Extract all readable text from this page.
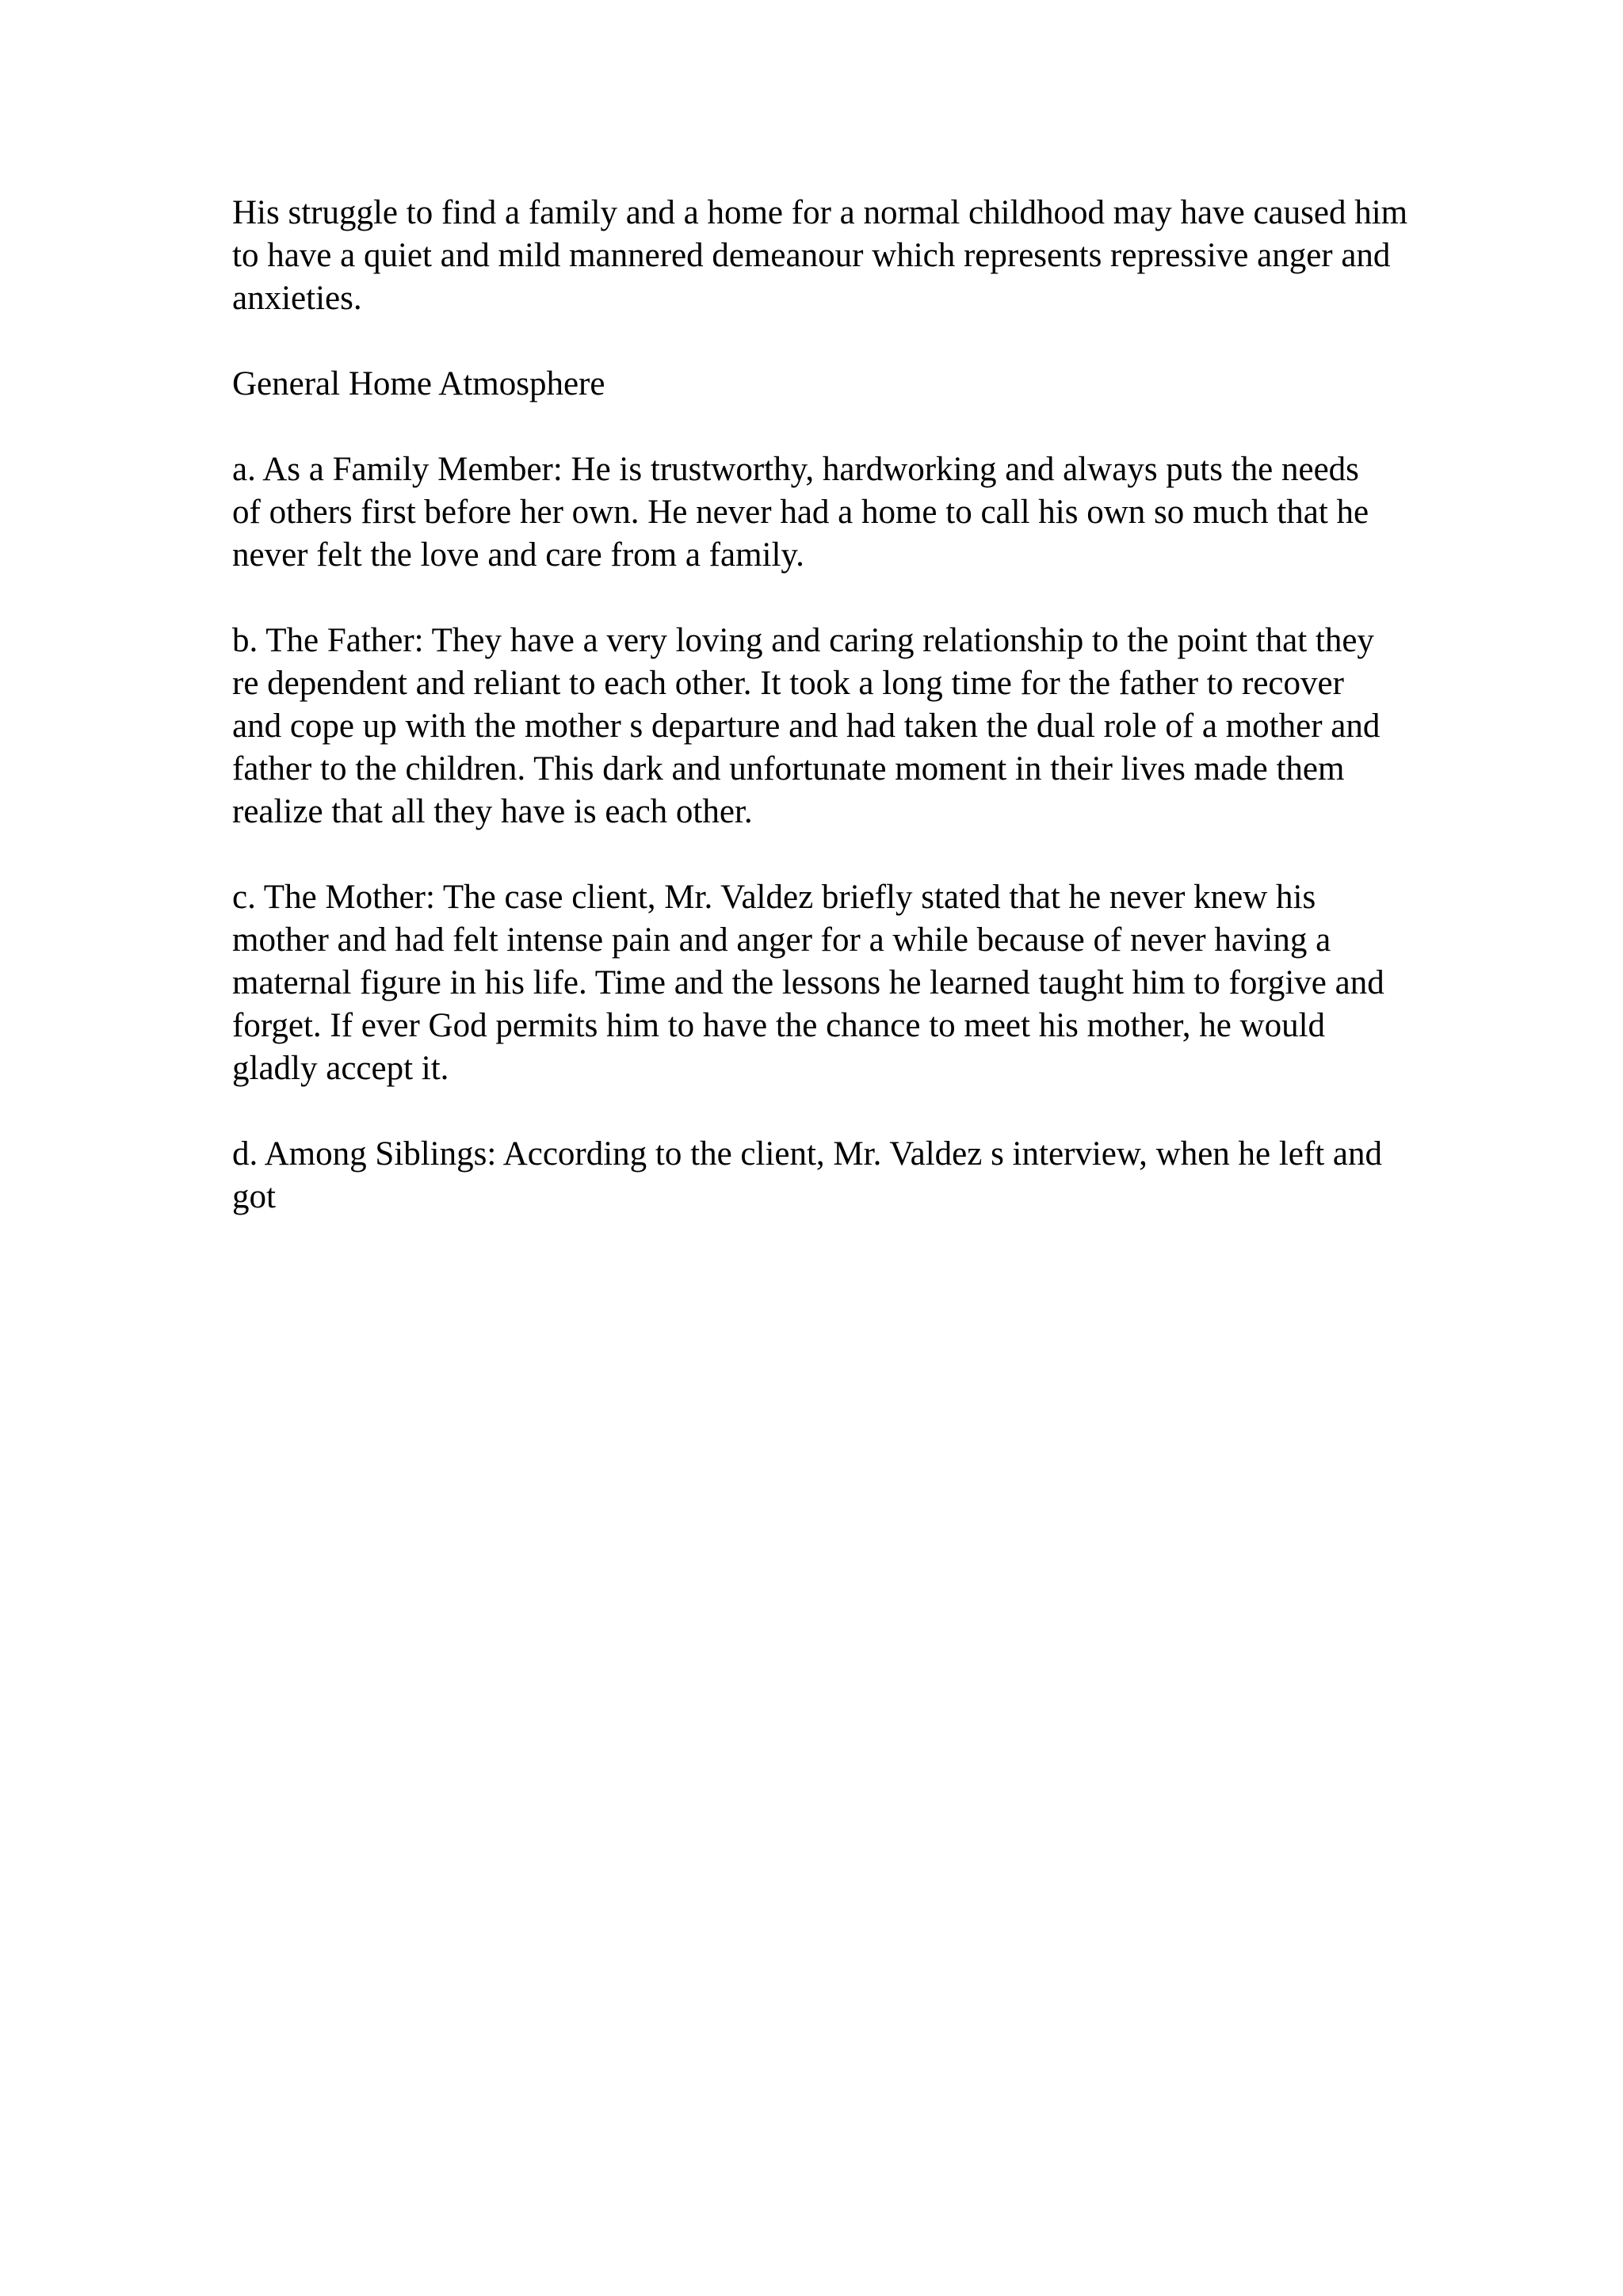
His struggle to find a family and a home for a normal childhood may have caused him
to have a quiet and mild mannered demeanour which represents repressive anger and
anxieties.

General Home Atmosphere

a. As a Family Member: He is trustworthy, hardworking and always puts the needs
of others first before her own. He never had a home to call his own so much that he
never felt the love and care from a family.

b. The Father: They have a very loving and caring relationship to the point that they
re dependent and reliant to each other. It took a long time for the father to recover
and cope up with the mother s departure and had taken the dual role of a mother and
father to the children. This dark and unfortunate moment in their lives made them
realize that all they have is each other.

c. The Mother: The case client, Mr. Valdez briefly stated that he never knew his
mother and had felt intense pain and anger for a while because of never having a
maternal figure in his life. Time and the lessons he learned taught him to forgive and
forget. If ever God permits him to have the chance to meet his mother, he would
gladly accept it.

d. Among Siblings: According to the client, Mr. Valdez s interview, when he left and
got
